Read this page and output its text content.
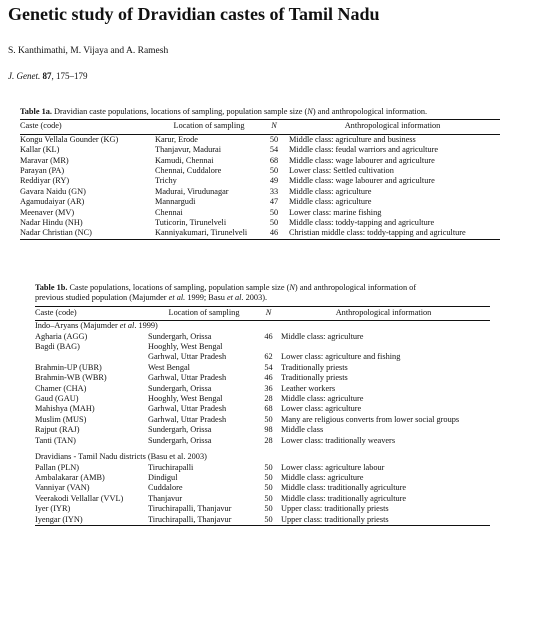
Genetic study of Dravidian castes of Tamil Nadu
S. Kanthimathi, M. Vijaya and A. Ramesh
J. Genet. 87, 175–179
Table 1a. Dravidian caste populations, locations of sampling, population sample size (N) and anthropological information.
Caste (code)	Location of sampling	N	Anthropological information
Kongu Vellala Gounder (KG)	Karur, Erode	50	Middle class: agriculture and business
Kallar (KL)	Thanjavur, Madurai	54	Middle class: feudal warriors and agriculture
Maravar (MR)	Kamudi, Chennai	68	Middle class: wage labourer and agriculture
Parayan (PA)	Chennai, Cuddalore	50	Lower class: Settled cultivation
Reddiyar (RY)	Trichy	49	Middle class: wage labourer and agriculture
Gavara Naidu (GN)	Madurai, Virudunagar	33	Middle class: agriculture
Agamudaiyar (AR)	Mannargudi	47	Middle class: agriculture
Meenaver (MV)	Chennai	50	Lower class: marine fishing
Nadar Hindu (NH)	Tuticorin, Tirunelveli	50	Middle class: toddy-tapping and agriculture
Nadar Christian (NC)	Kanniyakumari, Tirunelveli	46	Christian middle class: toddy-tapping and agriculture
Table 1b. Caste populations, locations of sampling, population sample size (N) and anthropological information of
previous studied population (Majumder et al. 1999; Basu et al. 2003).
Caste (code)	Location of sampling	N	Anthropological information
Indo–Aryans (Majumder et al. 1999)			
Agharia (AGG)	Sundergarh, Orissa	46	Middle class: agriculture
Bagdi (BAG)	Hooghly, West Bengal		
	Garhwal, Uttar Pradesh	62	Lower class: agriculture and fishing
Brahmin-UP (UBR)	West Bengal	54	Traditionally priests
Brahmin-WB (WBR)	Garhwal, Uttar Pradesh	46	Traditionally priests
Chamer (CHA)	Sundergarh, Orissa	36	Leather workers
Gaud (GAU)	Hooghly, West Bengal	28	Middle class: agriculture
Mahishya (MAH)	Garhwal, Uttar Pradesh	68	Lower class: agriculture
Muslim (MUS)	Garhwal, Uttar Pradesh	50	Many are religious converts from lower social groups
Rajput (RAJ)	Sundergarh, Orissa	98	Middle class
Tanti (TAN)	Sundergarh, Orissa	28	Lower class: traditionally weavers

Dravidians - Tamil Nadu districts (Basu et al. 2003)			
Pallan (PLN)	Tiruchirapalli	50	Lower class: agriculture labour
Ambalakarar (AMB)	Dindigul	50	Middle class: agriculture
Vanniyar (VAN)	Cuddalore	50	Middle class: traditionally agriculture
Veerakodi Vellallar (VVL)	Thanjavur	50	Middle class: traditionally agriculture
Iyer (IYR)	Tiruchirapalli, Thanjavur	50	Upper class: traditionally priests
Iyengar (IYN)	Tiruchirapalli, Thanjavur	50	Upper class: traditionally priests
